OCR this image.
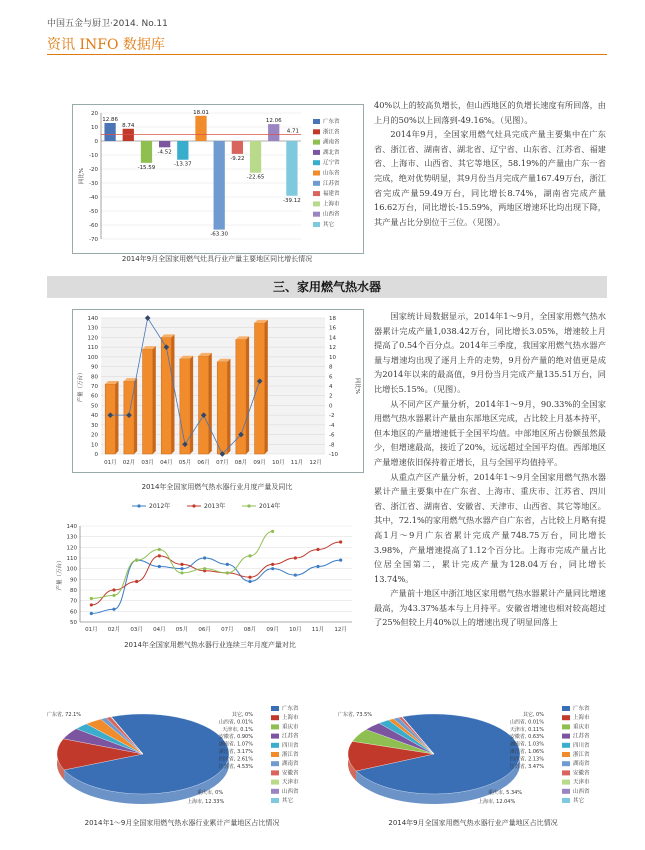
中国五金与厨卫·2014. No.11
资讯 INFO 数据库
20
10
0
-10
-20
-30
-40
-50
-60
-70
同比%
12.86
8.74
-15.59
-4.52
-13.37
18.01
-63.30
-9.22
-22.65
12.06
-39.12
4.71
广东省
浙江省
湖南省
湖北省
辽宁省
山东省
江苏省
福建省
上海市
山西省
其它
2014年9月全国家用燃气灶具行业产量主要地区同比增长情况

40%以上的较高负增长，但山西地区的负增长速度有所回落，由上月的50%以上回落到-49.16%。（见图）。

2014年9月，全国家用燃气灶具完成产量主要集中在广东省、浙江省、湖南省、湖北省、辽宁省、山东省、江苏省、福建省、上海市、山西省、其它等地区，58.19%的产量由广东一省完成，绝对优势明显，其9月份当月完成产量167.49万台，浙江省完成产量59.49万台，同比增长8.74%，湖南省完成产量16.62万台，同比增长-15.59%，两地区增速环比均出现下降，其产量占比分别位于三位。（见图）。

三、家用燃气热水器
140
130
120
110
100
90
80
70
60
50
40
30
20
10
0
18
16
14
12
10
8
6
4
2
0
-2
-4
-6
-8
-10
产量（万台）	同比%
01月 02月 03月 04月 05月 06月 07月 08月 09月 10月 11月 12月
2014年全国家用燃气热水器行业月度产量及同比
2012年	2013年	2014年
140
130
120
110
100
90
80
70
60
50
产量（万台）
01月 02月 03月 04月 05月 06月 07月 08月 09月 10月 11月 12月
2014年全国家用燃气热水器行业连续三年月度产量对比

国家统计局数据显示，2014年1～9月，全国家用燃气热水器累计完成产量1,038.42万台，同比增长3.05%，增速较上月提高了0.54个百分点。2014年三季度，我国家用燃气热水器产量与增速均出现了逐月上升的走势，9月份产量的绝对值更是成为2014年以来的最高值，9月份当月完成产量135.51万台，同比增长5.15%。（见图）。

从不同产区产量分析，2014年1～9月，90.33%的全国家用燃气热水器累计产量由东部地区完成，占比较上月基本持平，但本地区的产量增速低于全国平均值。中部地区所占份额虽然最少，但增速最高，接近了20%，远远超过全国平均值。西部地区产量增速依旧保持着正增长，且与全国平均值持平。

从重点产区产量分析，2014年1～9月全国家用燃气热水器累计产量主要集中在广东省、上海市、重庆市、江苏省、四川省、浙江省、湖南省、安徽省、天津市、山西省、其它等地区。其中，72.1%的家用燃气热水器产自广东省，占比较上月略有提高1月～9月广东省累计完成产量748.75万台，同比增长3.98%，产量增速提高了1.12个百分比。上海市完成产量占比位居全国第二，累计完成产量为128.04万台，同比增长13.74%。

产量前十地区中浙江地区家用燃气热水器累计产量同比增速最高，为43.37%基本与上月持平。安徽省增速也相对较高超过了25%但较上月40%以上的增速出现了明显回落上

广东省, 72.1%	其它, 0%
山西省, 0.01%
天津市, 0.1%
安徽省, 0.90%
湖南省, 1.07%
浙江省, 3.17%
四川省, 2.61%
江苏省, 4.53%
重庆市, 0%
上海市, 12.33%
广东省
上海市
重庆市
江苏省
四川省
浙江省
湖南省
安徽省
天津市
山西省
其它
2014年1～9月全国家用燃气热水器行业累计产量地区占比情况
广东省, 73.5%	其它, 0%
山西省, 0.01%
天津市, 0.11%
安徽省, 0.63%
湖南省, 1.03%
浙江省, 1.06%
四川省, 2.13%
江苏省, 3.47%
重庆市, 5.34%
上海市, 12.04%
广东省
上海市
重庆市
江苏省
四川省
浙江省
湖南省
安徽省
天津市
山西省
其它
2014年9月全国家用燃气热水器行业产量地区占比情况
